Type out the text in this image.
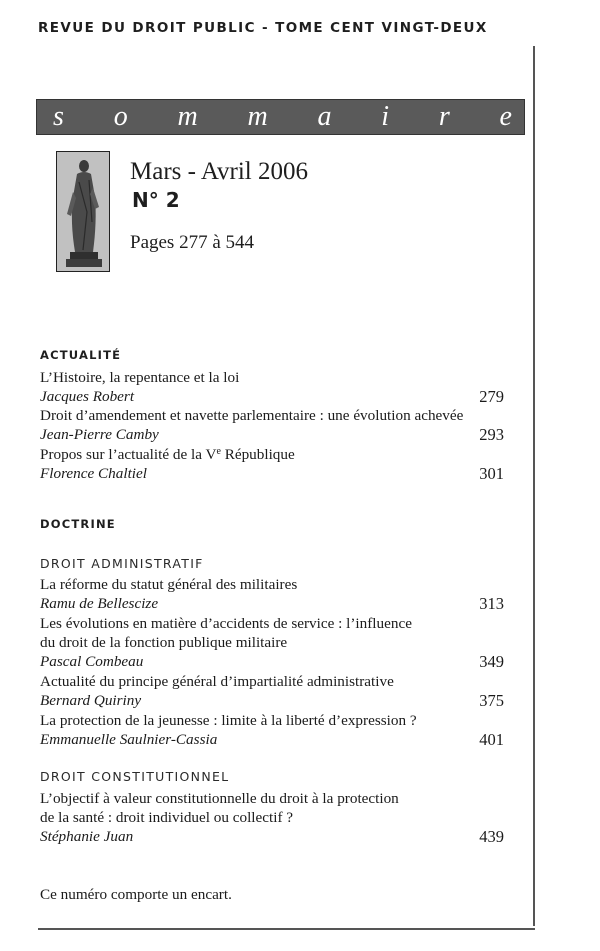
REVUE DU DROIT PUBLIC - TOME CENT VINGT-DEUX
s o m m a i r e
Mars - Avril 2006
N° 2
Pages 277 à 544
ACTUALITÉ
L’Histoire, la repentance et la loi
Jacques Robert	279
Droit d’amendement et navette parlementaire : une évolution achevée
Jean-Pierre Camby	293
Propos sur l’actualité de la Ve République
Florence Chaltiel	301
DOCTRINE
DROIT ADMINISTRATIF
La réforme du statut général des militaires
Ramu de Bellescize	313
Les évolutions en matière d’accidents de service : l’influence
du droit de la fonction publique militaire
Pascal Combeau	349
Actualité du principe général d’impartialité administrative
Bernard Quiriny	375
La protection de la jeunesse : limite à la liberté d’expression ?
Emmanuelle Saulnier-Cassia	401
DROIT CONSTITUTIONNEL
L’objectif à valeur constitutionnelle du droit à la protection
de la santé : droit individuel ou collectif ?
Stéphanie Juan	439
Ce numéro comporte un encart.
